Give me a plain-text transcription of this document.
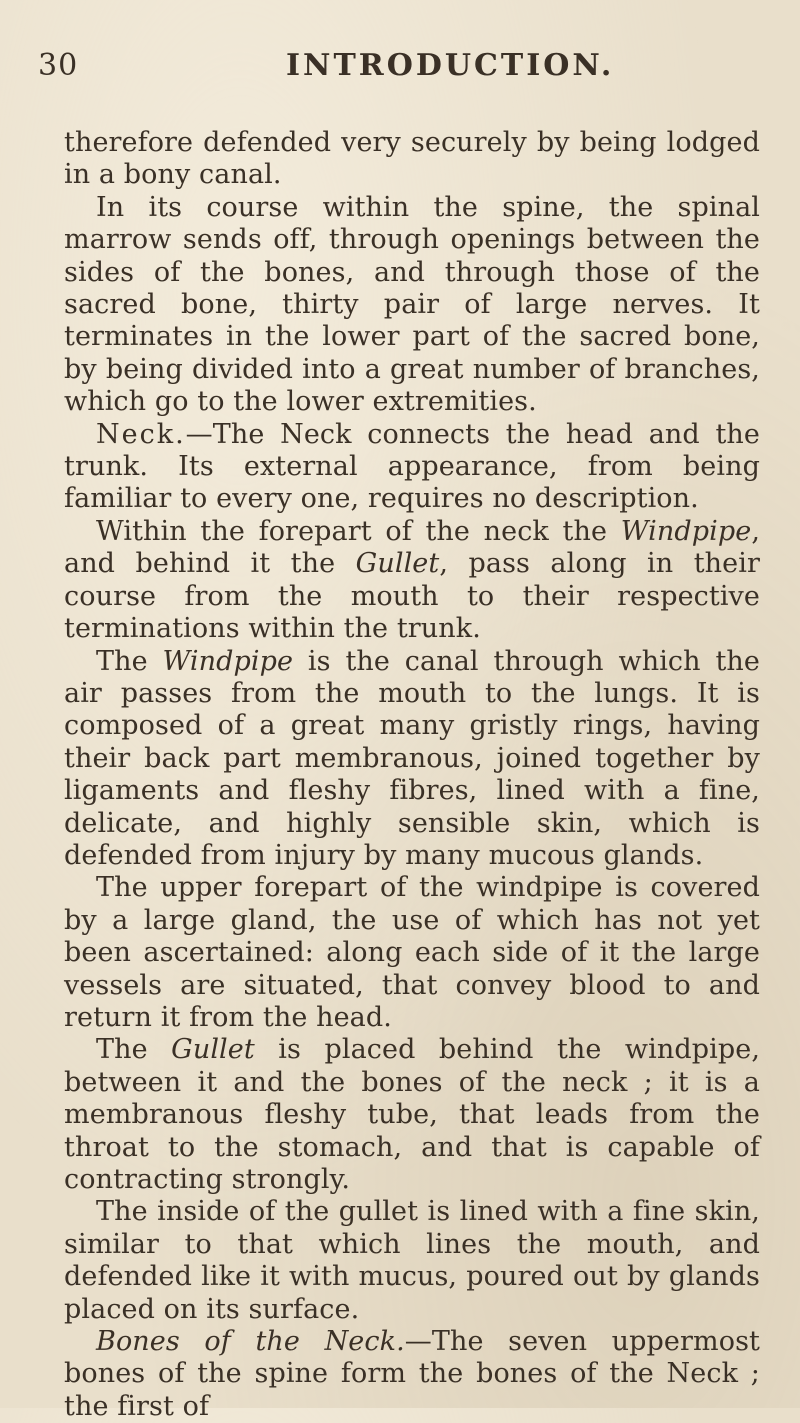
30	INTRODUCTION.

therefore defended very securely by being lodged in a bony canal.

In its course within the spine, the spinal marrow sends off, through openings between the sides of the bones, and through those of the sacred bone, thirty pair of large nerves. It terminates in the lower part of the sacred bone, by being divided into a great number of branches, which go to the lower extremities.

Neck.—The Neck connects the head and the trunk. Its external appearance, from being familiar to every one, requires no description.

Within the forepart of the neck the Windpipe, and behind it the Gullet, pass along in their course from the mouth to their respective terminations within the trunk.

The Windpipe is the canal through which the air passes from the mouth to the lungs. It is composed of a great many gristly rings, having their back part membranous, joined together by ligaments and fleshy fibres, lined with a fine, delicate, and highly sensible skin, which is defended from injury by many mucous glands.

The upper forepart of the windpipe is covered by a large gland, the use of which has not yet been ascertained: along each side of it the large vessels are situated, that convey blood to and return it from the head.

The Gullet is placed behind the windpipe, between it and the bones of the neck ; it is a membranous fleshy tube, that leads from the throat to the stomach, and that is capable of contracting strongly.

The inside of the gullet is lined with a fine skin, similar to that which lines the mouth, and defended like it with mucus, poured out by glands placed on its surface.

Bones of the Neck.—The seven uppermost bones of the spine form the bones of the Neck ; the first of
